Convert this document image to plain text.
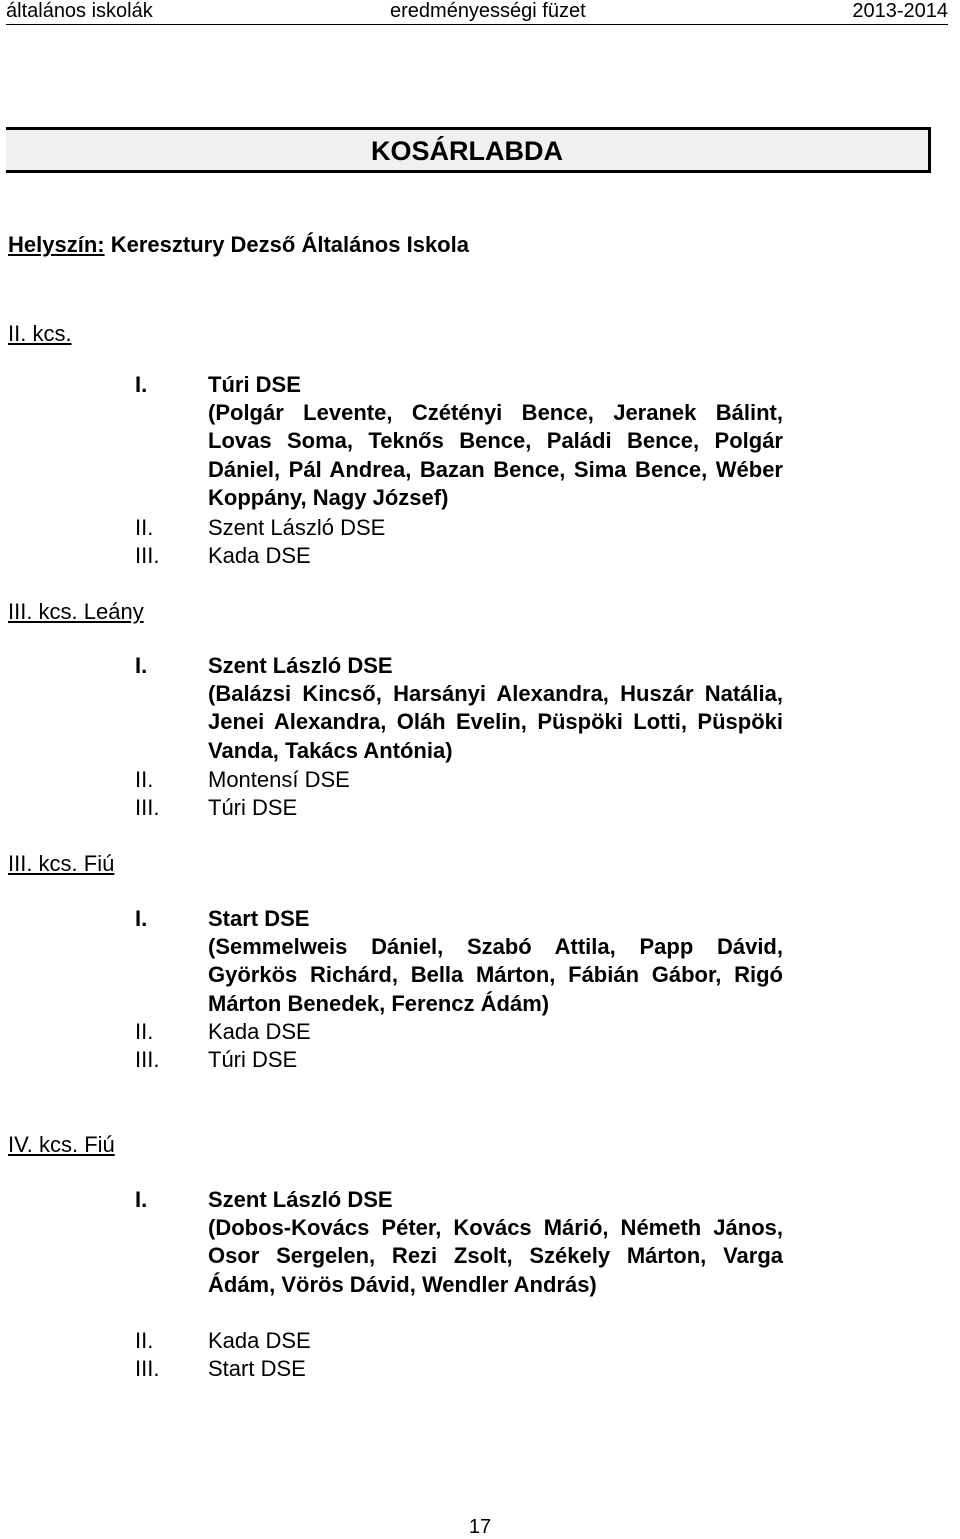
általános iskolák	eredményességi füzet	2013-2014
KOSÁRLABDA
Helyszín: Keresztury Dezső Általános Iskola
II. kcs.
I.	Túri DSE
(Polgár Levente, Czétényi Bence, Jeranek Bálint, Lovas Soma, Teknős Bence, Paládi Bence, Polgár Dániel, Pál Andrea, Bazan Bence, Sima Bence, Wéber Koppány, Nagy József)
II. Szent László DSE
III. Kada DSE
III. kcs. Leány
I.	Szent László DSE
(Balázsi Kincső, Harsányi Alexandra, Huszár Natália, Jenei Alexandra, Oláh Evelin, Püspöki Lotti, Püspöki Vanda, Takács Antónia)
II. Montensí DSE
III. Túri DSE
III. kcs. Fiú
I.	Start DSE
(Semmelweis Dániel, Szabó Attila, Papp Dávid, Györkös Richárd, Bella Márton, Fábián Gábor, Rigó Márton Benedek, Ferencz Ádám)
II. Kada DSE
III. Túri DSE
IV. kcs. Fiú
I.	Szent László DSE
(Dobos-Kovács Péter, Kovács Márió, Németh János, Osor Sergelen, Rezi Zsolt, Székely Márton, Varga Ádám, Vörös Dávid, Wendler András)
II. Kada DSE
III. Start DSE
17
